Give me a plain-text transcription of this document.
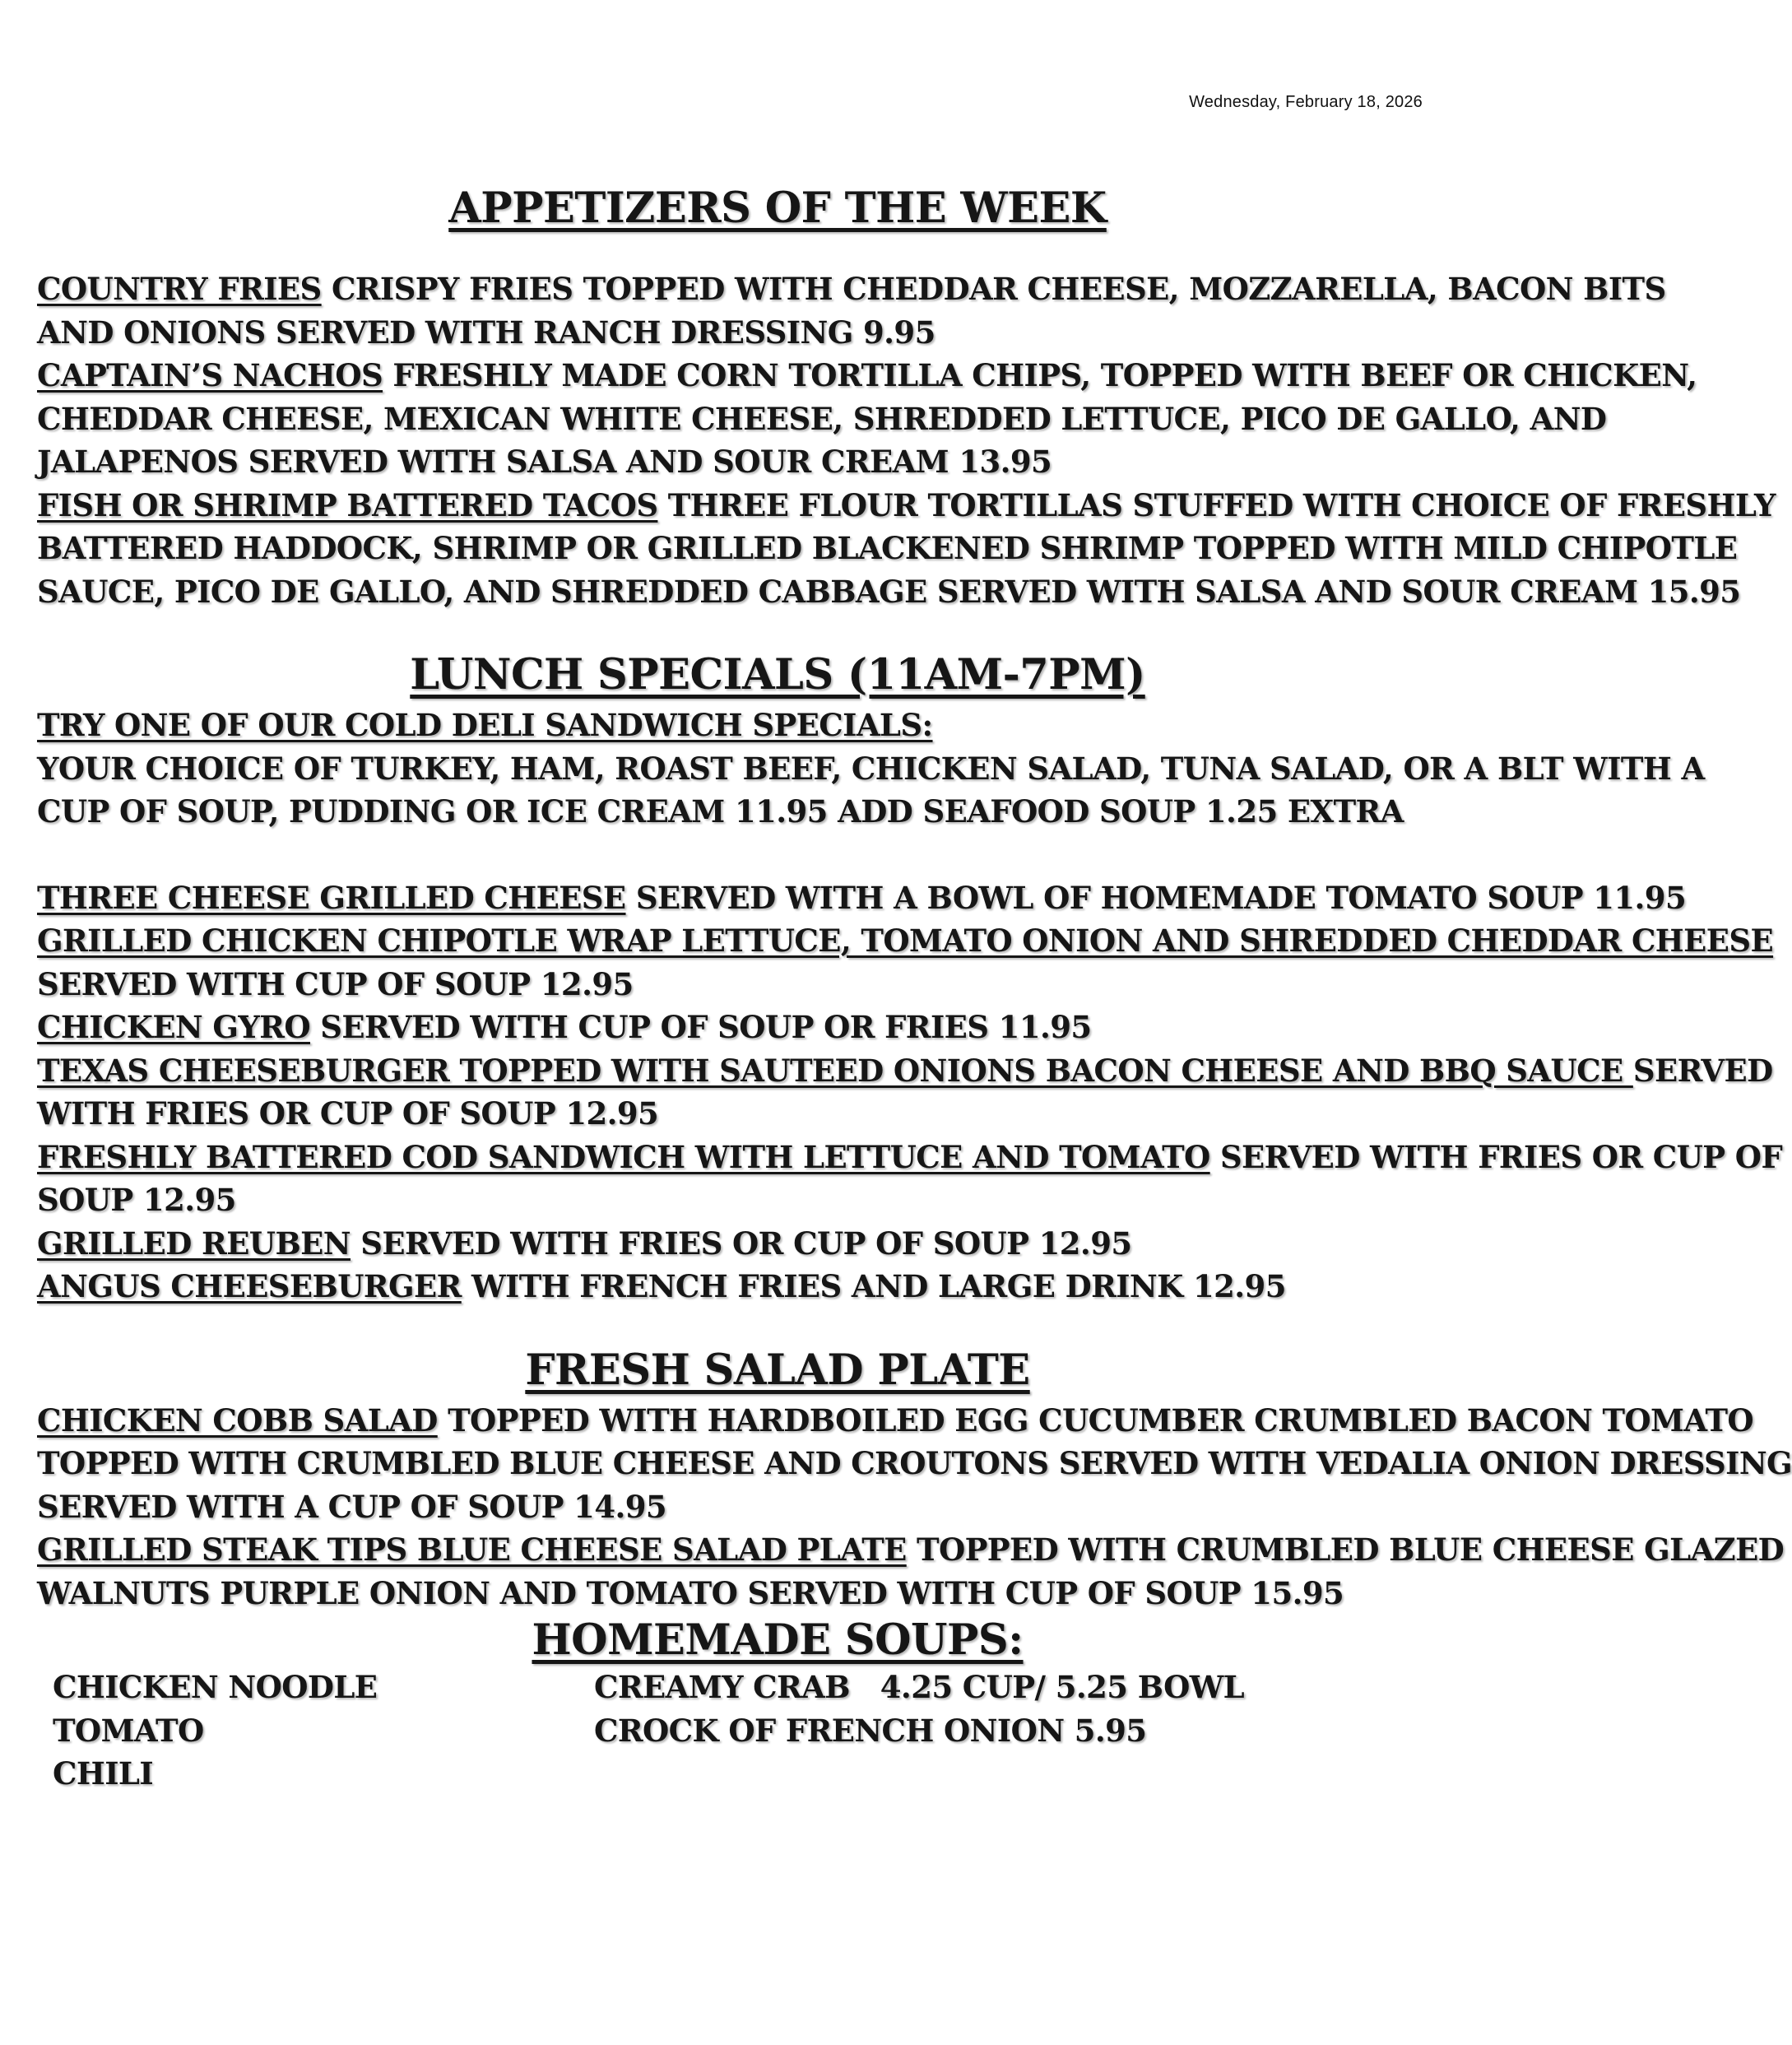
Wednesday, February 18, 2026
APPETIZERS OF THE WEEK
COUNTRY FRIES CRISPY FRIES TOPPED WITH CHEDDAR CHEESE, MOZZARELLA, BACON BITS
AND ONIONS SERVED WITH RANCH DRESSING 9.95
CAPTAIN’S NACHOS FRESHLY MADE CORN TORTILLA CHIPS, TOPPED WITH BEEF OR CHICKEN,
CHEDDAR CHEESE, MEXICAN WHITE CHEESE, SHREDDED LETTUCE, PICO DE GALLO, AND
JALAPENOS SERVED WITH SALSA AND SOUR CREAM 13.95
FISH OR SHRIMP BATTERED TACOS THREE FLOUR TORTILLAS STUFFED WITH CHOICE OF FRESHLY
BATTERED HADDOCK, SHRIMP OR GRILLED BLACKENED SHRIMP TOPPED WITH MILD CHIPOTLE
SAUCE, PICO DE GALLO, AND SHREDDED CABBAGE SERVED WITH SALSA AND SOUR CREAM 15.95
LUNCH SPECIALS (11AM-7PM)
TRY ONE OF OUR COLD DELI SANDWICH SPECIALS:
YOUR CHOICE OF TURKEY, HAM, ROAST BEEF, CHICKEN SALAD, TUNA SALAD, OR A BLT WITH A
CUP OF SOUP, PUDDING OR ICE CREAM 11.95 ADD SEAFOOD SOUP 1.25 EXTRA
THREE CHEESE GRILLED CHEESE SERVED WITH A BOWL OF HOMEMADE TOMATO SOUP 11.95
GRILLED CHICKEN CHIPOTLE WRAP LETTUCE, TOMATO ONION AND SHREDDED CHEDDAR CHEESE
SERVED WITH CUP OF SOUP 12.95
CHICKEN GYRO SERVED WITH CUP OF SOUP OR FRIES 11.95
TEXAS CHEESEBURGER TOPPED WITH SAUTEED ONIONS BACON CHEESE AND BBQ SAUCE SERVED
WITH FRIES OR CUP OF SOUP 12.95
FRESHLY BATTERED COD SANDWICH WITH LETTUCE AND TOMATO SERVED WITH FRIES OR CUP OF
SOUP 12.95
GRILLED REUBEN SERVED WITH FRIES OR CUP OF SOUP 12.95
ANGUS CHEESEBURGER WITH FRENCH FRIES AND LARGE DRINK 12.95
FRESH SALAD PLATE
CHICKEN COBB SALAD TOPPED WITH HARDBOILED EGG CUCUMBER CRUMBLED BACON TOMATO
TOPPED WITH CRUMBLED BLUE CHEESE AND CROUTONS SERVED WITH VEDALIA ONION DRESSING
SERVED WITH A CUP OF SOUP 14.95
GRILLED STEAK TIPS BLUE CHEESE SALAD PLATE TOPPED WITH CRUMBLED BLUE CHEESE GLAZED
WALNUTS PURPLE ONION AND TOMATO SERVED WITH CUP OF SOUP 15.95
HOMEMADE SOUPS:
CHICKEN NOODLE
TOMATO
CHILI
CREAMY CRAB   4.25 CUP/ 5.25 BOWL
CROCK OF FRENCH ONION 5.95
